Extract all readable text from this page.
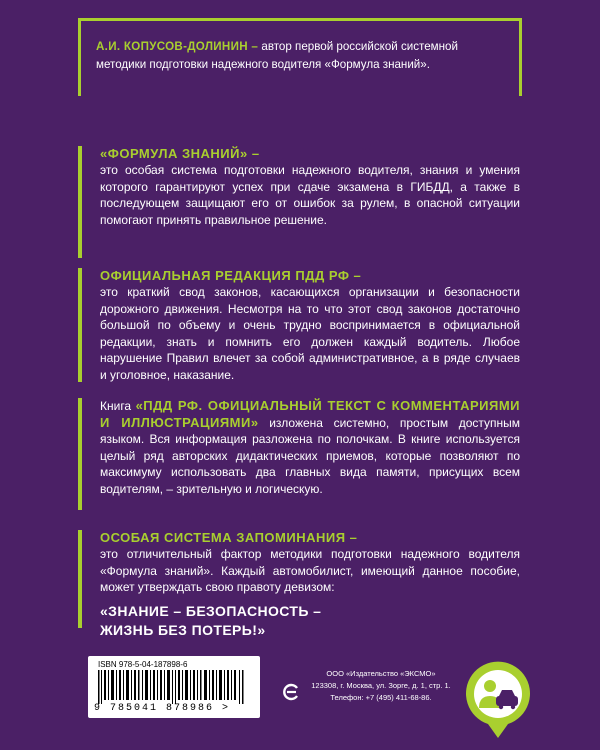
А.И. КОПУСОВ-ДОЛИНИН – автор первой российской системной
методики подготовки надежного водителя «Формула знаний».

«ФОРМУЛА ЗНАНИЙ» –

это особая система подготовки надежного водителя, знания и умения которого гарантируют успех при сдаче экзамена в ГИБДД, а также в последующем защищают его от ошибок за рулем, в опасной ситуации помогают принять правильное решение.

ОФИЦИАЛЬНАЯ РЕДАКЦИЯ ПДД РФ –

это краткий свод законов, касающихся организации и безопасности дорожного движения. Несмотря на то что этот свод законов достаточно большой по объему и очень трудно воспринимается в официальной редакции, знать и помнить его должен каждый водитель. Любое нарушение Правил влечет за собой административное, а в ряде случаев и уголовное, наказание.

Книга «ПДД РФ. ОФИЦИАЛЬНЫЙ ТЕКСТ С КОММЕНТАРИЯМИ И ИЛЛЮСТРАЦИЯМИ» изложена системно, простым доступным языком. Вся информация разложена по полочкам. В книге используется целый ряд авторских дидактических приемов, которые позволяют по максимуму использовать два главных вида памяти, присущих всем водителям, – зрительную и логическую.

ОСОБАЯ СИСТЕМА ЗАПОМИНАНИЯ –

это отличительный фактор методики подготовки надежного водителя «Формула знаний». Каждый автомобилист, имеющий данное пособие, может утверждать свою правоту девизом:

«ЗНАНИЕ – БЕЗОПАСНОСТЬ –
ЖИЗНЬ БЕЗ ПОТЕРЬ!»
ISBN 978-5-04-187898-6
9 785041 878986 >
ООО «Издательство «ЭКСМО»
123308, г. Москва, ул. Зорге, д. 1, стр. 1.
Телефон: +7 (495) 411-68-86.
